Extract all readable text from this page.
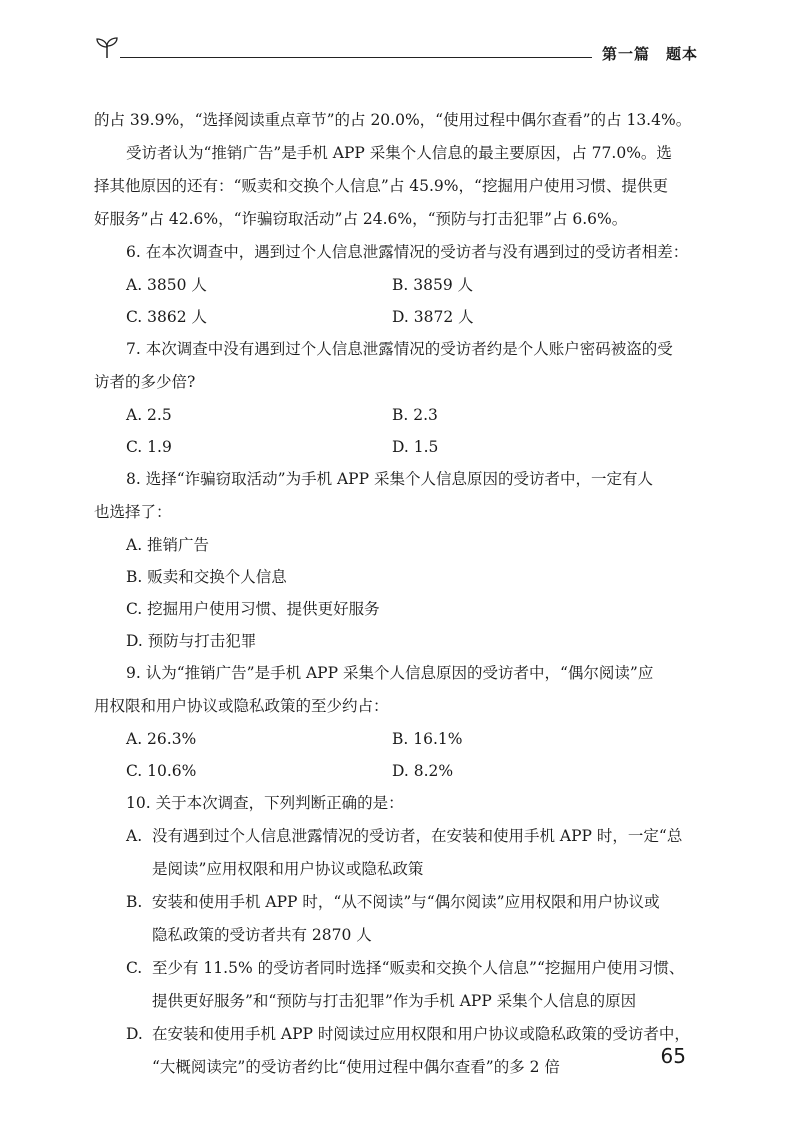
第一篇　题本

的占 39.9%，“选择阅读重点章节”的占 20.0%，“使用过程中偶尔查看”的占 13.4%。

受访者认为“推销广告”是手机 APP 采集个人信息的最主要原因，占 77.0%。选

择其他原因的还有：“贩卖和交换个人信息”占 45.9%，“挖掘用户使用习惯、提供更

好服务”占 42.6%，“诈骗窃取活动”占 24.6%，“预防与打击犯罪”占 6.6%。

6. 在本次调查中，遇到过个人信息泄露情况的受访者与没有遇到过的受访者相差：

A. 3850 人	B. 3859 人
C. 3862 人	D. 3872 人

7. 本次调查中没有遇到过个人信息泄露情况的受访者约是个人账户密码被盗的受

访者的多少倍?

A. 2.5	B. 2.3
C. 1.9	D. 1.5

8. 选择“诈骗窃取活动”为手机 APP 采集个人信息原因的受访者中，一定有人

也选择了：

A. 推销广告
B. 贩卖和交换个人信息
C. 挖掘用户使用习惯、提供更好服务
D. 预防与打击犯罪

9. 认为“推销广告”是手机 APP 采集个人信息原因的受访者中，“偶尔阅读”应

用权限和用户协议或隐私政策的至少约占：

A. 26.3%	B. 16.1%
C. 10.6%	D. 8.2%

10. 关于本次调查，下列判断正确的是：

A. 没有遇到过个人信息泄露情况的受访者，在安装和使用手机 APP 时，一定“总
是阅读”应用权限和用户协议或隐私政策
B. 安装和使用手机 APP 时，“从不阅读”与“偶尔阅读”应用权限和用户协议或
隐私政策的受访者共有 2870 人
C. 至少有 11.5% 的受访者同时选择“贩卖和交换个人信息”“挖掘用户使用习惯、
提供更好服务”和“预防与打击犯罪”作为手机 APP 采集个人信息的原因
D. 在安装和使用手机 APP 时阅读过应用权限和用户协议或隐私政策的受访者中，
“大概阅读完”的受访者约比“使用过程中偶尔查看”的多 2 倍	65
